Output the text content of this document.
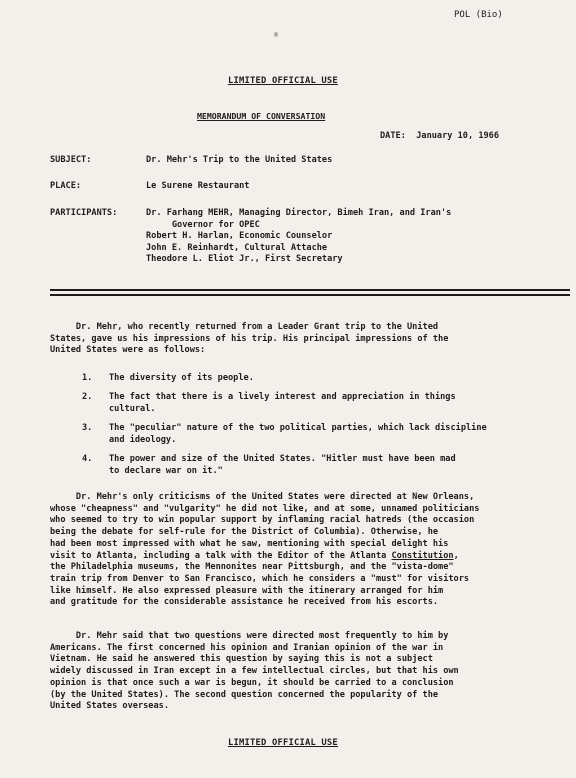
POL (Bio)
LIMITED OFFICIAL USE
MEMORANDUM OF CONVERSATION
DATE: January 10, 1966
SUBJECT:	Dr. Mehr's Trip to the United States
PLACE:	Le Surene Restaurant
PARTICIPANTS:	Dr. Farhang MEHR, Managing Director, Bimeh Iran, and Iran's
Governor for OPEC
Robert H. Harlan, Economic Counselor
John E. Reinhardt, Cultural Attache
Theodore L. Eliot Jr., First Secretary
Dr. Mehr, who recently returned from a Leader Grant trip to the United
States, gave us his impressions of his trip. His principal impressions of the
United States were as follows:
1.	The diversity of its people.
2.	The fact that there is a lively interest and appreciation in things
cultural.
3.	The "peculiar" nature of the two political parties, which lack discipline
and ideology.
4.	The power and size of the United States. "Hitler must have been mad
to declare war on it."
Dr. Mehr's only criticisms of the United States were directed at New Orleans,
whose "cheapness" and "vulgarity" he did not like, and at some, unnamed politicians
who seemed to try to win popular support by inflaming racial hatreds (the occasion
being the debate for self-rule for the District of Columbia). Otherwise, he
had been most impressed with what he saw, mentioning with special delight his
visit to Atlanta, including a talk with the Editor of the Atlanta Constitution,
the Philadelphia museums, the Mennonites near Pittsburgh, and the "vista-dome"
train trip from Denver to San Francisco, which he considers a "must" for visitors
like himself. He also expressed pleasure with the itinerary arranged for him
and gratitude for the considerable assistance he received from his escorts.
Dr. Mehr said that two questions were directed most frequently to him by
Americans. The first concerned his opinion and Iranian opinion of the war in
Vietnam. He said he answered this question by saying this is not a subject
widely discussed in Iran except in a few intellectual circles, but that his own
opinion is that once such a war is begun, it should be carried to a conclusion
(by the United States). The second question concerned the popularity of the
United States overseas.
LIMITED OFFICIAL USE
